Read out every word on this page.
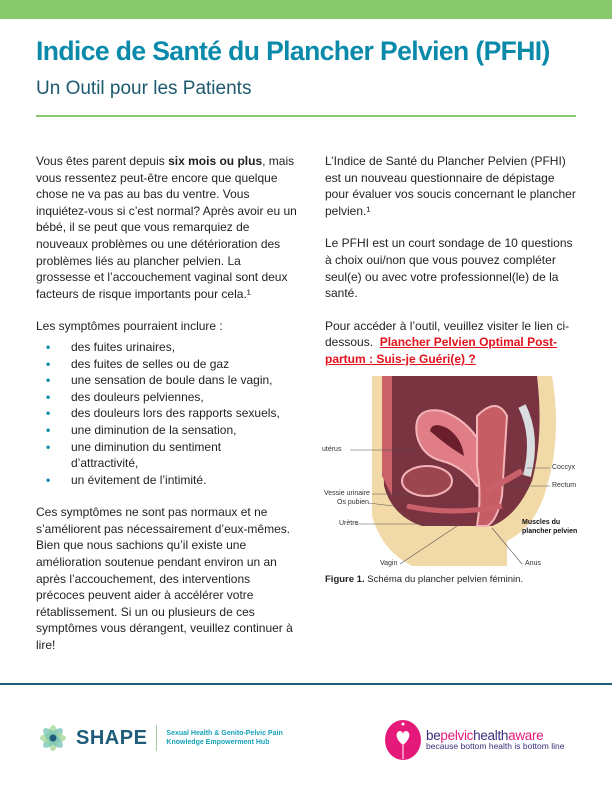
Indice de Santé du Plancher Pelvien (PFHI)
Un Outil pour les Patients

Vous êtes parent depuis six mois ou plus, mais vous ressentez peut-être encore que quelque chose ne va pas au bas du ventre. Vous inquiétez-vous si c’est normal? Après avoir eu un bébé, il se peut que vous remarquiez de nouveaux problèmes ou une détérioration des problèmes liés au plancher pelvien. La grossesse et l’accouchement vaginal sont deux facteurs de risque importants pour cela.¹

Les symptômes pourraient inclure :

• des fuites urinaires,
• des fuites de selles ou de gaz
• une sensation de boule dans le vagin,
• des douleurs pelviennes,
• des douleurs lors des rapports sexuels,
• une diminution de la sensation,
• une diminution du sentiment d’attractivité,
• un évitement de l’intimité.

Ces symptômes ne sont pas normaux et ne s’améliorent pas nécessairement d’eux-mêmes. Bien que nous sachions qu’il existe une amélioration soutenue pendant environ un an après l’accouchement, des interventions précoces peuvent aider à accélérer votre rétablissement. Si un ou plusieurs de ces symptômes vous dérangent, veuillez continuer à lire!

L’Indice de Santé du Plancher Pelvien (PFHI) est un nouveau questionnaire de dépistage pour évaluer vos soucis concernant le plancher pelvien.¹

Le PFHI est un court sondage de 10 questions à choix oui/non que vous pouvez compléter seul(e) ou avec votre professionnel(le) de la santé.

Pour accéder à l’outil, veuillez visiter le lien ci-dessous. Plancher Pelvien Optimal Post-partum : Suis-je Guéri(e) ?

utérus
Vessie urinaire
Os pubien
Urètre
Vagin
Coccyx
Rectum
Muscles du
plancher pelvien
Anus
Figure 1. Schéma du plancher pelvien féminin.
SHAPE	Sexual Health & Genito-Pelvic Pain
Knowledge Empowerment Hub	bepelvichealthaware
because bottom health is bottom line
